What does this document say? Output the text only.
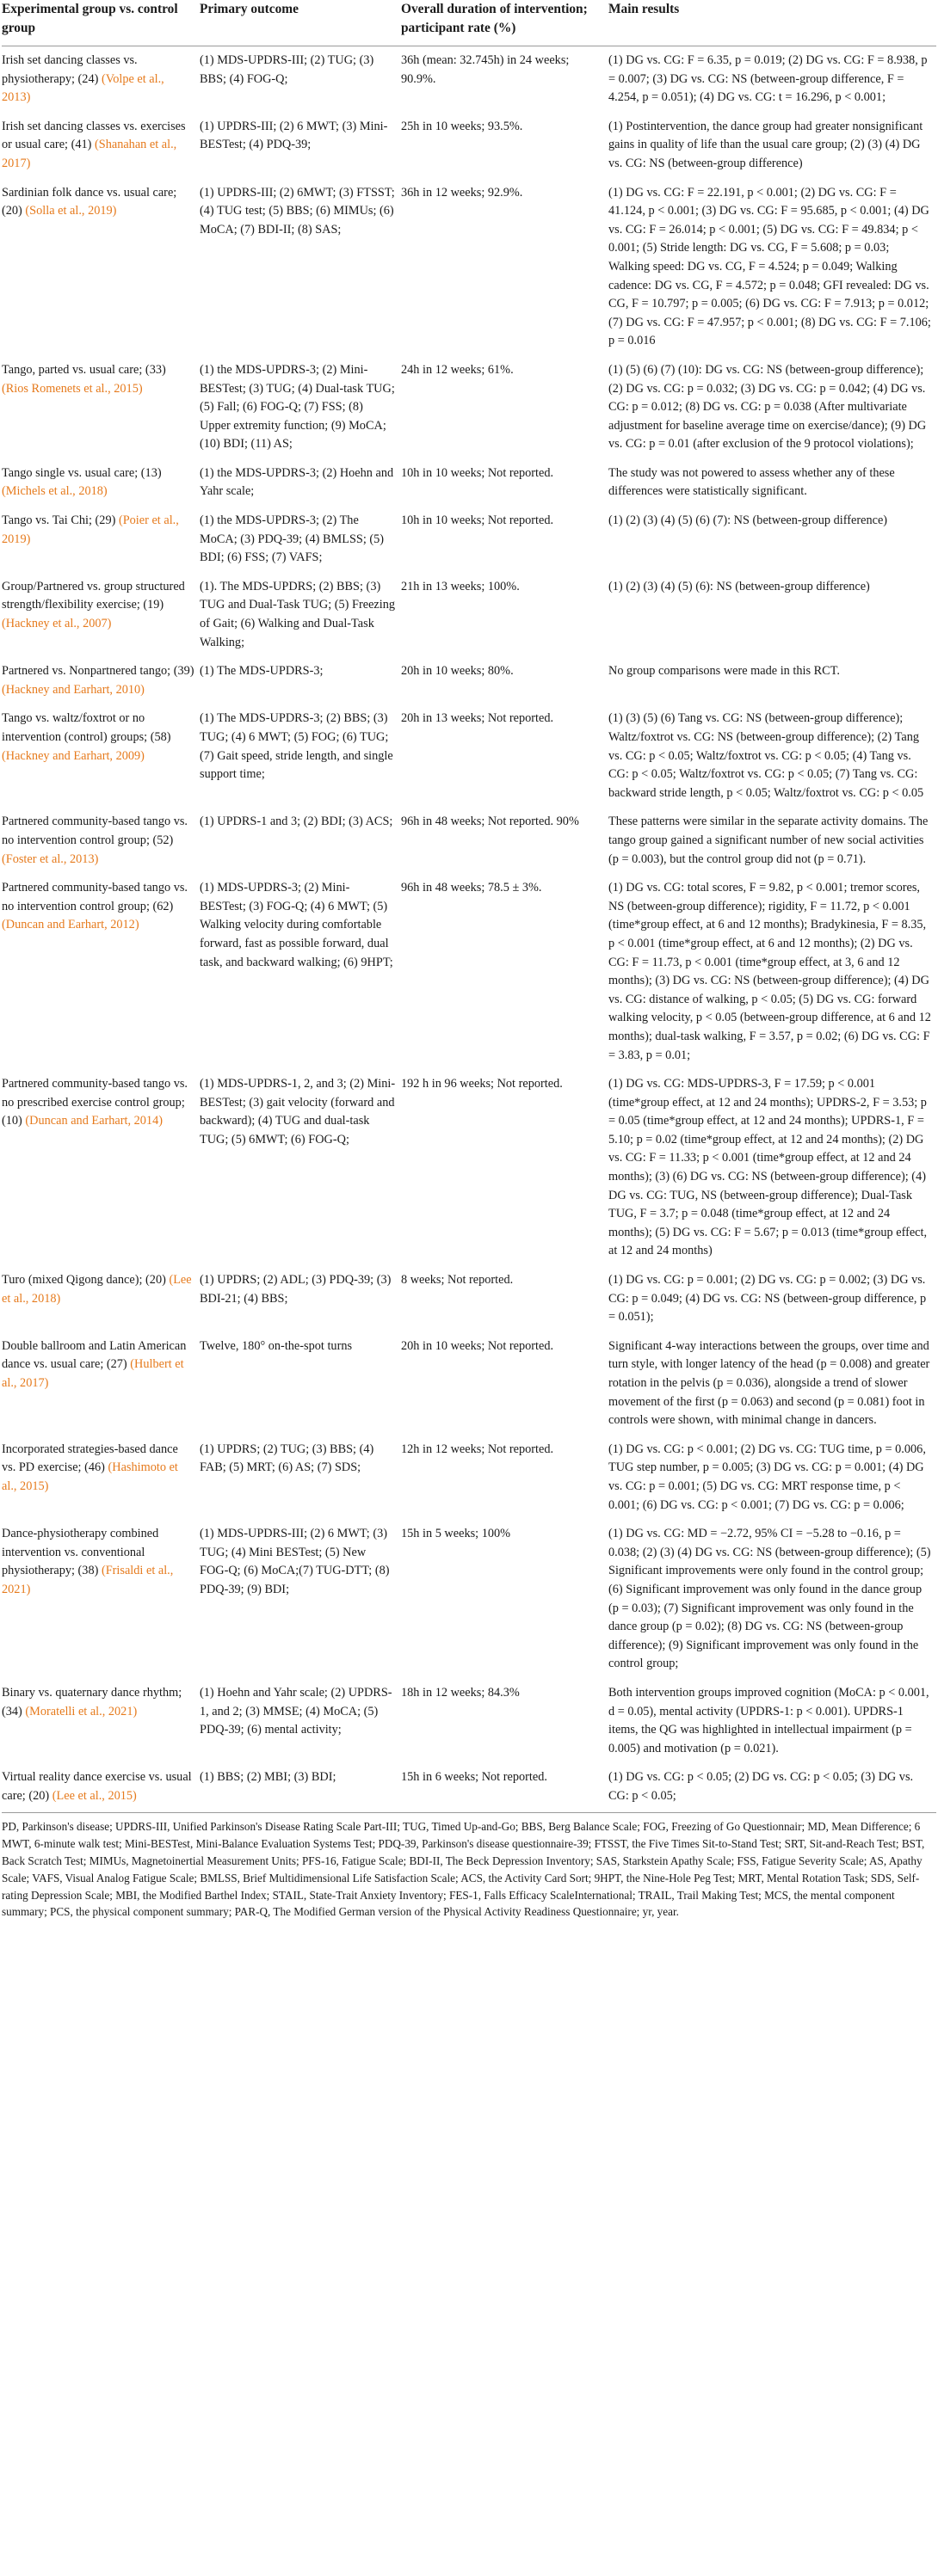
Experimental group vs. control group	Primary outcome	Overall duration of intervention; participant rate (%)	Main results
Irish set dancing classes vs. physiotherapy; (24) (Volpe et al., 2013)	(1) MDS-UPDRS-III; (2) TUG; (3) BBS; (4) FOG-Q;	36h (mean: 32.745h) in 24 weeks; 90.9%.	(1) DG vs. CG: F = 6.35, p = 0.019; (2) DG vs. CG: F = 8.938, p = 0.007; (3) DG vs. CG: NS (between-group difference, F = 4.254, p = 0.051); (4) DG vs. CG: t = 16.296, p < 0.001;
Irish set dancing classes vs. exercises or usual care; (41) (Shanahan et al., 2017)	(1) UPDRS-III; (2) 6 MWT; (3) Mini-BESTest; (4) PDQ-39;	25h in 10 weeks; 93.5%.	(1) Postintervention, the dance group had greater nonsignificant gains in quality of life than the usual care group; (2) (3) (4) DG vs. CG: NS (between-group difference)
Sardinian folk dance vs. usual care; (20) (Solla et al., 2019)	(1) UPDRS-III; (2) 6MWT; (3) FTSST; (4) TUG test; (5) BBS; (6) MIMUs; (6) MoCA; (7) BDI-II; (8) SAS;	36h in 12 weeks; 92.9%.	(1) DG vs. CG: F = 22.191, p < 0.001; (2) DG vs. CG: F = 41.124, p < 0.001; (3) DG vs. CG: F = 95.685, p < 0.001; (4) DG vs. CG: F = 26.014; p < 0.001; (5) DG vs. CG: F = 49.834; p < 0.001; (5) Stride length: DG vs. CG, F = 5.608; p = 0.03; Walking speed: DG vs. CG, F = 4.524; p = 0.049; Walking cadence: DG vs. CG, F = 4.572; p = 0.048; GFI revealed: DG vs. CG, F = 10.797; p = 0.005; (6) DG vs. CG: F = 7.913; p = 0.012; (7) DG vs. CG: F = 47.957; p < 0.001; (8) DG vs. CG: F = 7.106; p = 0.016
Tango, parted vs. usual care; (33) (Rios Romenets et al., 2015)	(1) the MDS-UPDRS-3; (2) Mini-BESTest; (3) TUG; (4) Dual-task TUG; (5) Fall; (6) FOG-Q; (7) FSS; (8) Upper extremity function; (9) MoCA; (10) BDI; (11) AS;	24h in 12 weeks; 61%.	(1) (5) (6) (7) (10): DG vs. CG: NS (between-group difference); (2) DG vs. CG: p = 0.032; (3) DG vs. CG: p = 0.042; (4) DG vs. CG: p = 0.012; (8) DG vs. CG: p = 0.038 (After multivariate adjustment for baseline average time on exercise/dance); (9) DG vs. CG: p = 0.01 (after exclusion of the 9 protocol violations);
Tango single vs. usual care; (13) (Michels et al., 2018)	(1) the MDS-UPDRS-3; (2) Hoehn and Yahr scale;	10h in 10 weeks; Not reported.	The study was not powered to assess whether any of these differences were statistically significant.
Tango vs. Tai Chi; (29) (Poier et al., 2019)	(1) the MDS-UPDRS-3; (2) The MoCA; (3) PDQ-39; (4) BMLSS; (5) BDI; (6) FSS; (7) VAFS;	10h in 10 weeks; Not reported.	(1) (2) (3) (4) (5) (6) (7): NS (between-group difference)
Group/Partnered vs. group structured strength/flexibility exercise; (19) (Hackney et al., 2007)	(1). The MDS-UPDRS; (2) BBS; (3) TUG and Dual-Task TUG; (5) Freezing of Gait; (6) Walking and Dual-Task Walking;	21h in 13 weeks; 100%.	(1) (2) (3) (4) (5) (6): NS (between-group difference)
Partnered vs. Nonpartnered tango; (39) (Hackney and Earhart, 2010)	(1) The MDS-UPDRS-3;	20h in 10 weeks; 80%.	No group comparisons were made in this RCT.
Tango vs. waltz/foxtrot or no intervention (control) groups; (58) (Hackney and Earhart, 2009)	(1) The MDS-UPDRS-3; (2) BBS; (3) TUG; (4) 6 MWT; (5) FOG; (6) TUG; (7) Gait speed, stride length, and single support time;	20h in 13 weeks; Not reported.	(1) (3) (5) (6) Tang vs. CG: NS (between-group difference); Waltz/foxtrot vs. CG: NS (between-group difference); (2) Tang vs. CG: p < 0.05; Waltz/foxtrot vs. CG: p < 0.05; (4) Tang vs. CG: p < 0.05; Waltz/foxtrot vs. CG: p < 0.05; (7) Tang vs. CG: backward stride length, p < 0.05; Waltz/foxtrot vs. CG: p < 0.05
Partnered community-based tango vs. no intervention control group; (52) (Foster et al., 2013)	(1) UPDRS-1 and 3; (2) BDI; (3) ACS;	96h in 48 weeks; Not reported. 90%	These patterns were similar in the separate activity domains. The tango group gained a significant number of new social activities (p = 0.003), but the control group did not (p = 0.71).
Partnered community-based tango vs. no intervention control group; (62) (Duncan and Earhart, 2012)	(1) MDS-UPDRS-3; (2) Mini-BESTest; (3) FOG-Q; (4) 6 MWT; (5) Walking velocity during comfortable forward, fast as possible forward, dual task, and backward walking; (6) 9HPT;	96h in 48 weeks; 78.5 ± 3%.	(1) DG vs. CG: total scores, F = 9.82, p < 0.001; tremor scores, NS (between-group difference); rigidity, F = 11.72, p < 0.001 (time*group effect, at 6 and 12 months); Bradykinesia, F = 8.35, p < 0.001 (time*group effect, at 6 and 12 months); (2) DG vs. CG: F = 11.73, p < 0.001 (time*group effect, at 3, 6 and 12 months); (3) DG vs. CG: NS (between-group difference); (4) DG vs. CG: distance of walking, p < 0.05; (5) DG vs. CG: forward walking velocity, p < 0.05 (between-group difference, at 6 and 12 months); dual-task walking, F = 3.57, p = 0.02; (6) DG vs. CG: F = 3.83, p = 0.01;
Partnered community-based tango vs. no prescribed exercise control group; (10) (Duncan and Earhart, 2014)	(1) MDS-UPDRS-1, 2, and 3; (2) Mini-BESTest; (3) gait velocity (forward and backward); (4) TUG and dual-task TUG; (5) 6MWT; (6) FOG-Q;	192 h in 96 weeks; Not reported.	(1) DG vs. CG: MDS-UPDRS-3, F = 17.59; p < 0.001 (time*group effect, at 12 and 24 months); UPDRS-2, F = 3.53; p = 0.05 (time*group effect, at 12 and 24 months); UPDRS-1, F = 5.10; p = 0.02 (time*group effect, at 12 and 24 months); (2) DG vs. CG: F = 11.33; p < 0.001 (time*group effect, at 12 and 24 months); (3) (6) DG vs. CG: NS (between-group difference); (4) DG vs. CG: TUG, NS (between-group difference); Dual-Task TUG, F = 3.7; p = 0.048 (time*group effect, at 12 and 24 months); (5) DG vs. CG: F = 5.67; p = 0.013 (time*group effect, at 12 and 24 months)
Turo (mixed Qigong dance); (20) (Lee et al., 2018)	(1) UPDRS; (2) ADL; (3) PDQ-39; (3) BDI-21; (4) BBS;	8 weeks; Not reported.	(1) DG vs. CG: p = 0.001; (2) DG vs. CG: p = 0.002; (3) DG vs. CG: p = 0.049; (4) DG vs. CG: NS (between-group difference, p = 0.051);
Double ballroom and Latin American dance vs. usual care; (27) (Hulbert et al., 2017)	Twelve, 180° on-the-spot turns	20h in 10 weeks; Not reported.	Significant 4-way interactions between the groups, over time and turn style, with longer latency of the head (p = 0.008) and greater rotation in the pelvis (p = 0.036), alongside a trend of slower movement of the first (p = 0.063) and second (p = 0.081) foot in controls were shown, with minimal change in dancers.
Incorporated strategies-based dance vs. PD exercise; (46) (Hashimoto et al., 2015)	(1) UPDRS; (2) TUG; (3) BBS; (4) FAB; (5) MRT; (6) AS; (7) SDS;	12h in 12 weeks; Not reported.	(1) DG vs. CG: p < 0.001; (2) DG vs. CG: TUG time, p = 0.006, TUG step number, p = 0.005; (3) DG vs. CG: p = 0.001; (4) DG vs. CG: p = 0.001; (5) DG vs. CG: MRT response time, p < 0.001; (6) DG vs. CG: p < 0.001; (7) DG vs. CG: p = 0.006;
Dance-physiotherapy combined intervention vs. conventional physiotherapy; (38) (Frisaldi et al., 2021)	(1) MDS-UPDRS-III; (2) 6 MWT; (3) TUG; (4) Mini BESTest; (5) New FOG-Q; (6) MoCA;(7) TUG-DTT; (8) PDQ-39; (9) BDI;	15h in 5 weeks; 100%	(1) DG vs. CG: MD = −2.72, 95% CI = −5.28 to −0.16, p = 0.038; (2) (3) (4) DG vs. CG: NS (between-group difference); (5) Significant improvements were only found in the control group; (6) Significant improvement was only found in the dance group (p = 0.03); (7) Significant improvement was only found in the dance group (p = 0.02); (8) DG vs. CG: NS (between-group difference); (9) Significant improvement was only found in the control group;
Binary vs. quaternary dance rhythm; (34) (Moratelli et al., 2021)	(1) Hoehn and Yahr scale; (2) UPDRS-1, and 2; (3) MMSE; (4) MoCA; (5) PDQ-39; (6) mental activity;	18h in 12 weeks; 84.3%	Both intervention groups improved cognition (MoCA: p < 0.001, d = 0.05), mental activity (UPDRS-1: p < 0.001). UPDRS-1 items, the QG was highlighted in intellectual impairment (p = 0.005) and motivation (p = 0.021).
Virtual reality dance exercise vs. usual care; (20) (Lee et al., 2015)	(1) BBS; (2) MBI; (3) BDI;	15h in 6 weeks; Not reported.	(1) DG vs. CG: p < 0.05; (2) DG vs. CG: p < 0.05; (3) DG vs. CG: p < 0.05;
PD, Parkinson's disease; UPDRS-III, Unified Parkinson's Disease Rating Scale Part-III; TUG, Timed Up-and-Go; BBS, Berg Balance Scale; FOG, Freezing of Go Questionnair; MD, Mean Difference; 6 MWT, 6-minute walk test; Mini-BESTest, Mini-Balance Evaluation Systems Test; PDQ-39, Parkinson's disease questionnaire-39; FTSST, the Five Times Sit-to-Stand Test; SRT, Sit-and-Reach Test; BST, Back Scratch Test; MIMUs, Magnetoinertial Measurement Units; PFS-16, Fatigue Scale; BDI-II, The Beck Depression Inventory; SAS, Starkstein Apathy Scale; FSS, Fatigue Severity Scale; AS, Apathy Scale; VAFS, Visual Analog Fatigue Scale; BMLSS, Brief Multidimensional Life Satisfaction Scale; ACS, the Activity Card Sort; 9HPT, the Nine-Hole Peg Test; MRT, Mental Rotation Task; SDS, Self-rating Depression Scale; MBI, the Modified Barthel Index; STAIL, State-Trait Anxiety Inventory; FES-1, Falls Efficacy ScaleInternational; TRAIL, Trail Making Test; MCS, the mental component summary; PCS, the physical component summary; PAR-Q, The Modified German version of the Physical Activity Readiness Questionnaire; yr, year.
